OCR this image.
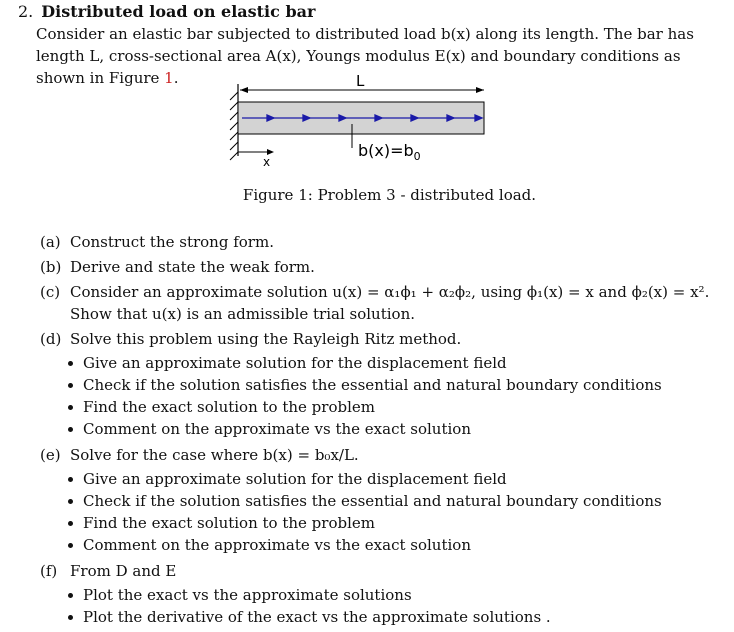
2. Distributed load on elastic bar
Consider an elastic bar subjected to distributed load b(x) along its length. The bar has length L, cross-sectional area A(x), Youngs modulus E(x) and boundary conditions as shown in Figure 1.	L
$b(x)=b_0$
x
Figure 1: Problem 3 - distributed load.
(a) Construct the strong form.
(b) Derive and state the weak form.
(c) Consider an approximate solution u(x) = α₁ϕ₁ + α₂ϕ₂, using ϕ₁(x) = x and ϕ₂(x) = x². Show that u(x) is an admissible trial solution.
(d) Solve this problem using the Rayleigh Ritz method.
Give an approximate solution for the displacement field
Check if the solution satisfies the essential and natural boundary conditions
Find the exact solution to the problem
Comment on the approximate vs the exact solution
(e) Solve for the case where b(x) = b₀x/L.
Give an approximate solution for the displacement field
Check if the solution satisfies the essential and natural boundary conditions
Find the exact solution to the problem
Comment on the approximate vs the exact solution
(f) From D and E
Plot the exact vs the approximate solutions
Plot the derivative of the exact vs the approximate solutions .
